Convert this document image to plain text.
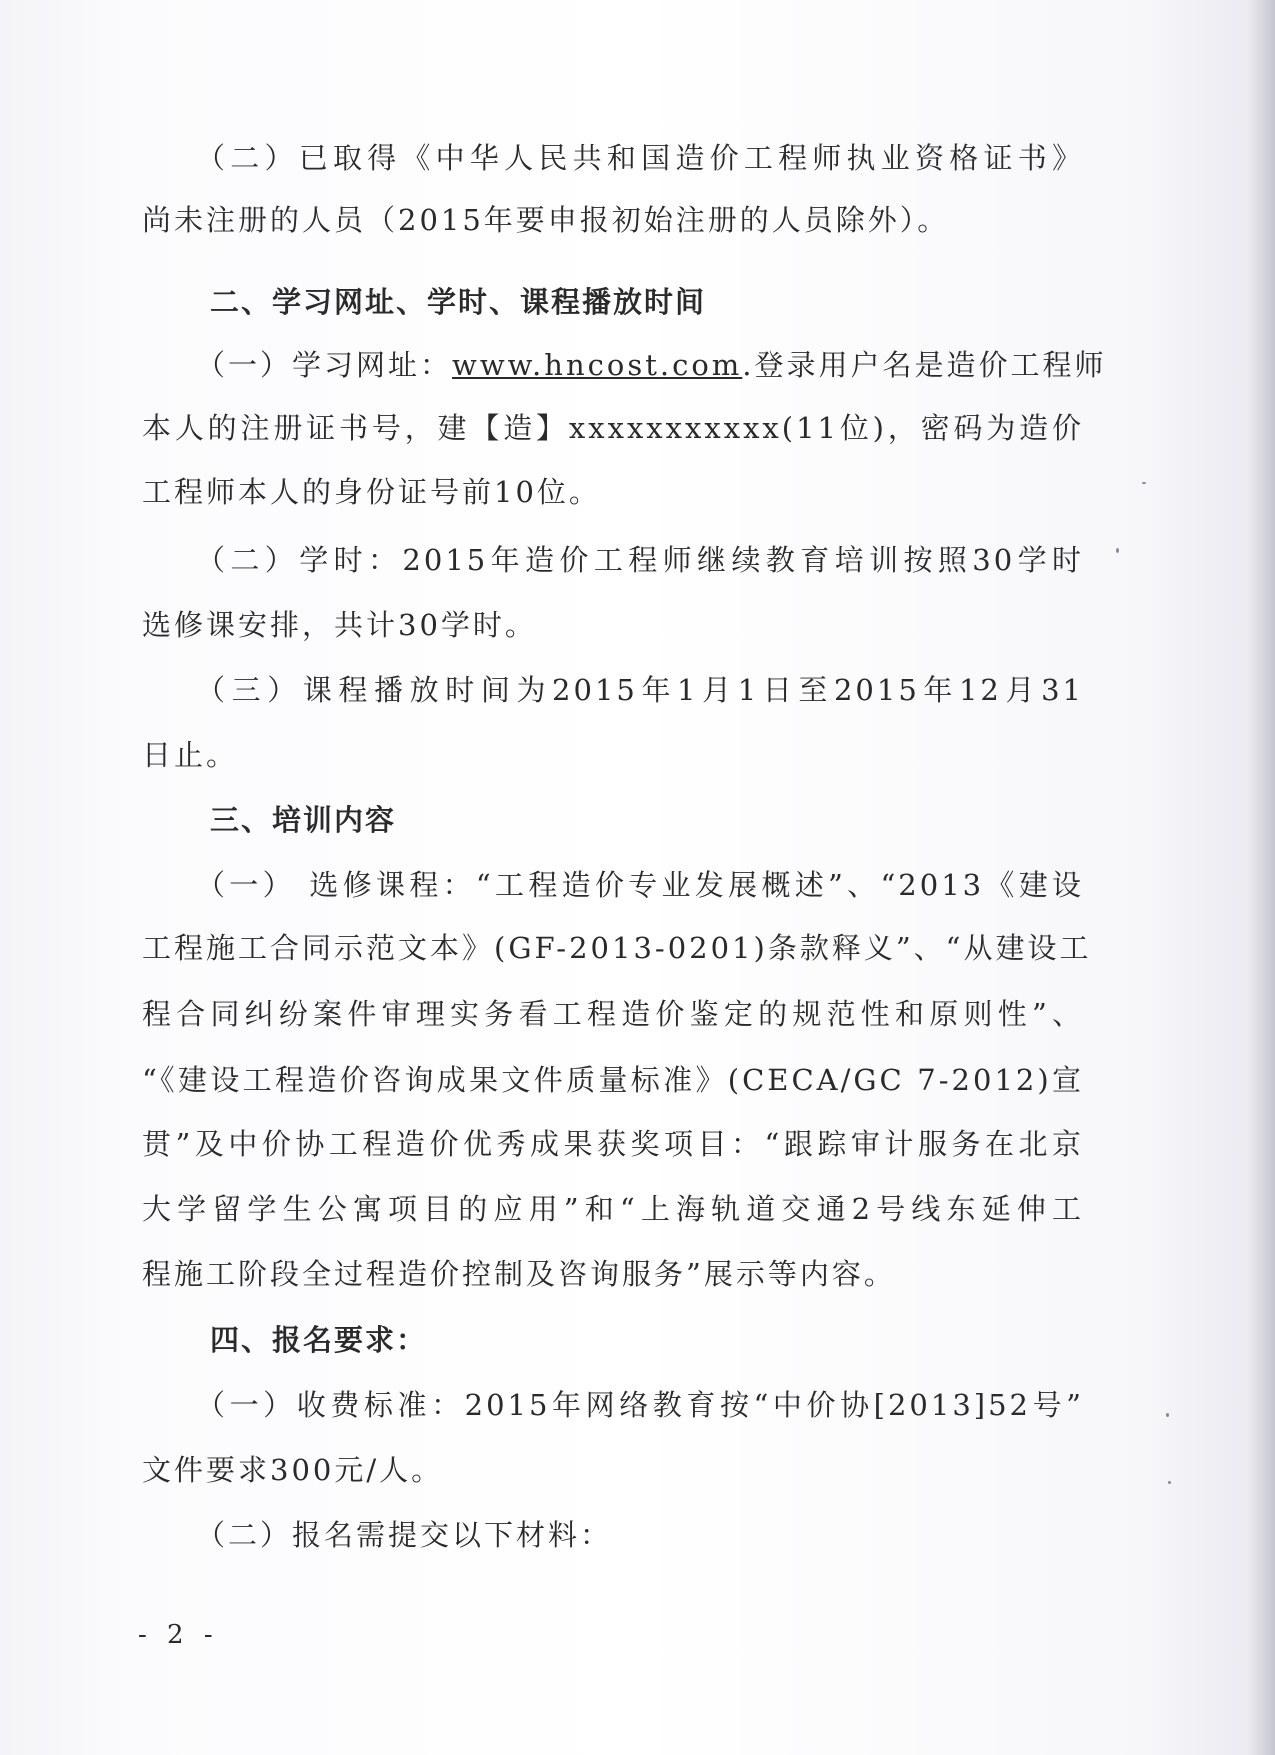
（二）已取得《中华人民共和国造价工程师执业资格证书》
尚未注册的人员（2015年要申报初始注册的人员除外）。
二、学习网址、学时、课程播放时间
（一）学习网址：www.hncost.com.登录用户名是造价工程师
本人的注册证书号，建【造】xxxxxxxxxxx(11位)，密码为造价
工程师本人的身份证号前10位。
（二）学时：2015年造价工程师继续教育培训按照30学时
选修课安排，共计30学时。
（三）课程播放时间为2015年1月1日至2015年12月31
日止。
三、培训内容
（一） 选修课程：“工程造价专业发展概述”、“2013《建设
工程施工合同示范文本》(GF-2013-0201)条款释义”、“从建设工
程合同纠纷案件审理实务看工程造价鉴定的规范性和原则性”、
“《建设工程造价咨询成果文件质量标准》(CECA/GC 7-2012)宣
贯”及中价协工程造价优秀成果获奖项目：“跟踪审计服务在北京
大学留学生公寓项目的应用”和“上海轨道交通2号线东延伸工
程施工阶段全过程造价控制及咨询服务”展示等内容。
四、报名要求：
（一）收费标准：2015年网络教育按“中价协[2013]52号”
文件要求300元/人。
（二）报名需提交以下材料：
- 2 -
